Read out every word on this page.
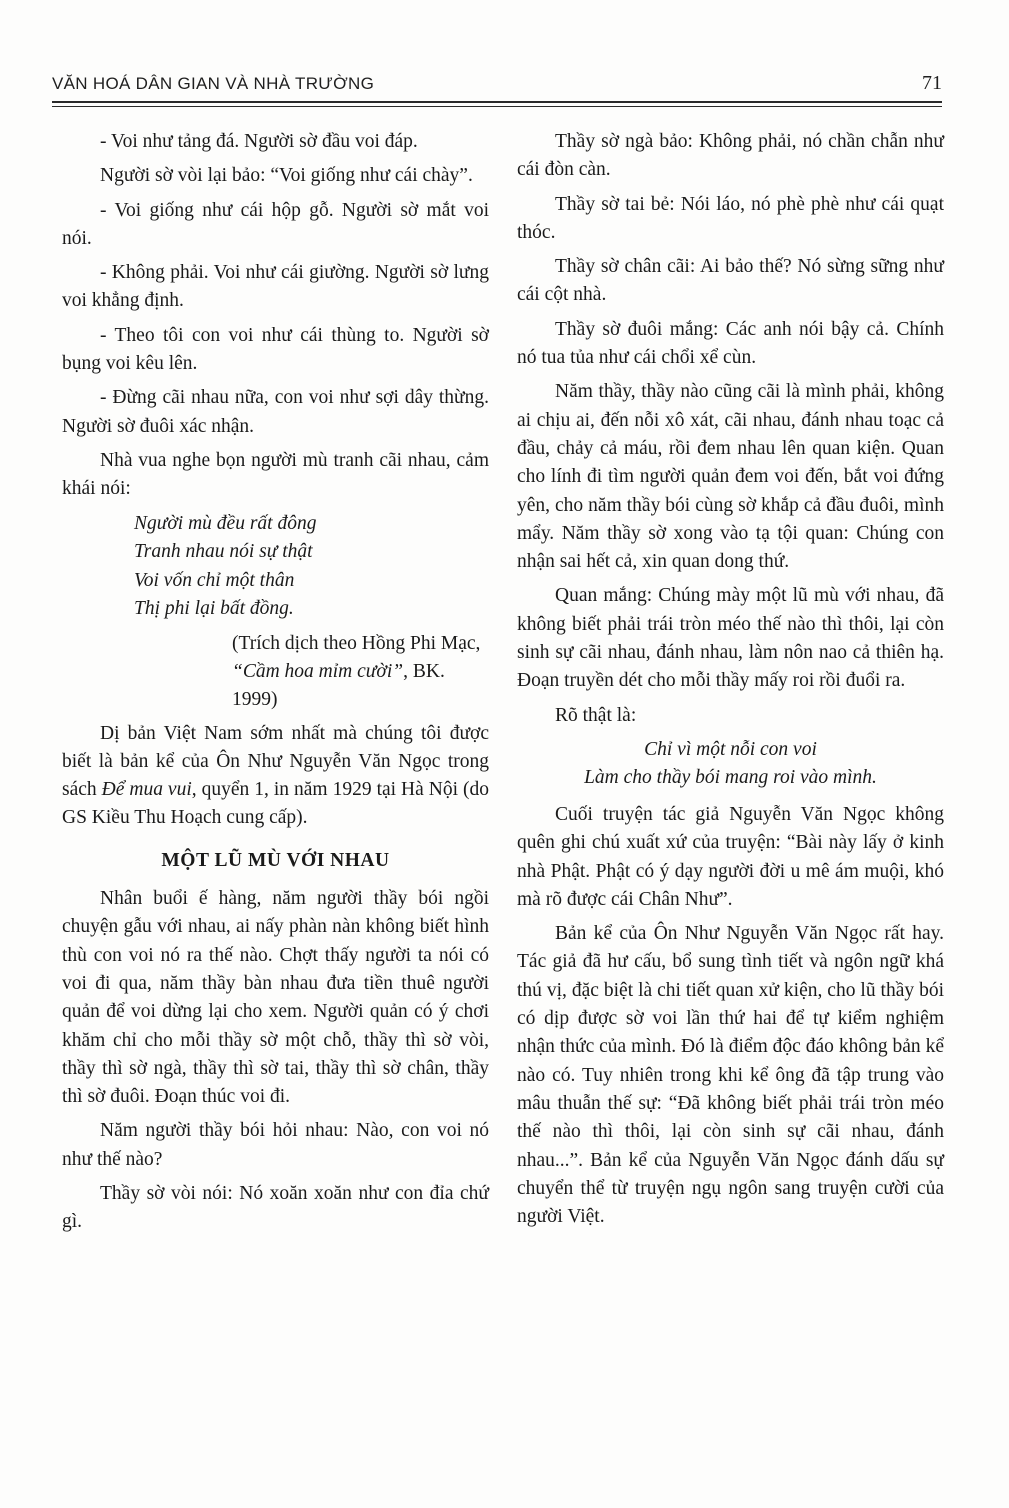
VĂN HOÁ DÂN GIAN VÀ NHÀ TRƯỜNG	71

- Voi như tảng đá. Người sờ đầu voi đáp.

Người sờ vòi lại bảo: “Voi giống như cái chày”.

- Voi giống như cái hộp gỗ. Người sờ mắt voi nói.

- Không phải. Voi như cái giường. Người sờ lưng voi khẳng định.

- Theo tôi con voi như cái thùng to. Người sờ bụng voi kêu lên.

- Đừng cãi nhau nữa, con voi như sợi dây thừng. Người sờ đuôi xác nhận.

Nhà vua nghe bọn người mù tranh cãi nhau, cảm khái nói:

Người mù đều rất đông
Tranh nhau nói sự thật
Voi vốn chỉ một thân
Thị phi lại bất đồng.
(Trích dịch theo Hồng Phi Mạc, “Cầm hoa mỉm cười”, BK. 1999)

Dị bản Việt Nam sớm nhất mà chúng tôi được biết là bản kể của Ôn Như Nguyễn Văn Ngọc trong sách Để mua vui, quyển 1, in năm 1929 tại Hà Nội (do GS Kiều Thu Hoạch cung cấp).

MỘT LŨ MÙ VỚI NHAU

Nhân buổi ế hàng, năm người thầy bói ngồi chuyện gẫu với nhau, ai nấy phàn nàn không biết hình thù con voi nó ra thế nào. Chợt thấy người ta nói có voi đi qua, năm thầy bàn nhau đưa tiền thuê người quản để voi dừng lại cho xem. Người quản có ý chơi khăm chỉ cho mỗi thầy sờ một chỗ, thầy thì sờ vòi, thầy thì sờ ngà, thầy thì sờ tai, thầy thì sờ chân, thầy thì sờ đuôi. Đoạn thúc voi đi.

Năm người thầy bói hỏi nhau: Nào, con voi nó như thế nào?

Thầy sờ vòi nói: Nó xoăn xoăn như con đỉa chứ gì.

Thầy sờ ngà bảo: Không phải, nó chần chẫn như cái đòn càn.

Thầy sờ tai bẻ: Nói láo, nó phè phè như cái quạt thóc.

Thầy sờ chân cãi: Ai bảo thế? Nó sừng sững như cái cột nhà.

Thầy sờ đuôi mắng: Các anh nói bậy cả. Chính nó tua tủa như cái chổi xể cùn.

Năm thầy, thầy nào cũng cãi là mình phải, không ai chịu ai, đến nỗi xô xát, cãi nhau, đánh nhau toạc cả đầu, chảy cả máu, rồi đem nhau lên quan kiện. Quan cho lính đi tìm người quản đem voi đến, bắt voi đứng yên, cho năm thầy bói cùng sờ khắp cả đầu đuôi, mình mẩy. Năm thầy sờ xong vào tạ tội quan: Chúng con nhận sai hết cả, xin quan dong thứ.

Quan mắng: Chúng mày một lũ mù với nhau, đã không biết phải trái tròn méo thế nào thì thôi, lại còn sinh sự cãi nhau, đánh nhau, làm nôn nao cả thiên hạ. Đoạn truyền dét cho mỗi thầy mấy roi rồi đuổi ra.

Rõ thật là:

Chỉ vì một nỗi con voi
Làm cho thầy bói mang roi vào mình.

Cuối truyện tác giả Nguyễn Văn Ngọc không quên ghi chú xuất xứ của truyện: “Bài này lấy ở kinh nhà Phật. Phật có ý dạy người đời u mê ám muội, khó mà rõ được cái Chân Như”.

Bản kể của Ôn Như Nguyễn Văn Ngọc rất hay. Tác giả đã hư cấu, bổ sung tình tiết và ngôn ngữ khá thú vị, đặc biệt là chi tiết quan xử kiện, cho lũ thầy bói có dịp được sờ voi lần thứ hai để tự kiểm nghiệm nhận thức của mình. Đó là điểm độc đáo không bản kể nào có. Tuy nhiên trong khi kể ông đã tập trung vào mâu thuẫn thế sự: “Đã không biết phải trái tròn méo thế nào thì thôi, lại còn sinh sự cãi nhau, đánh nhau...”. Bản kể của Nguyễn Văn Ngọc đánh dấu sự chuyển thể từ truyện ngụ ngôn sang truyện cười của người Việt.
